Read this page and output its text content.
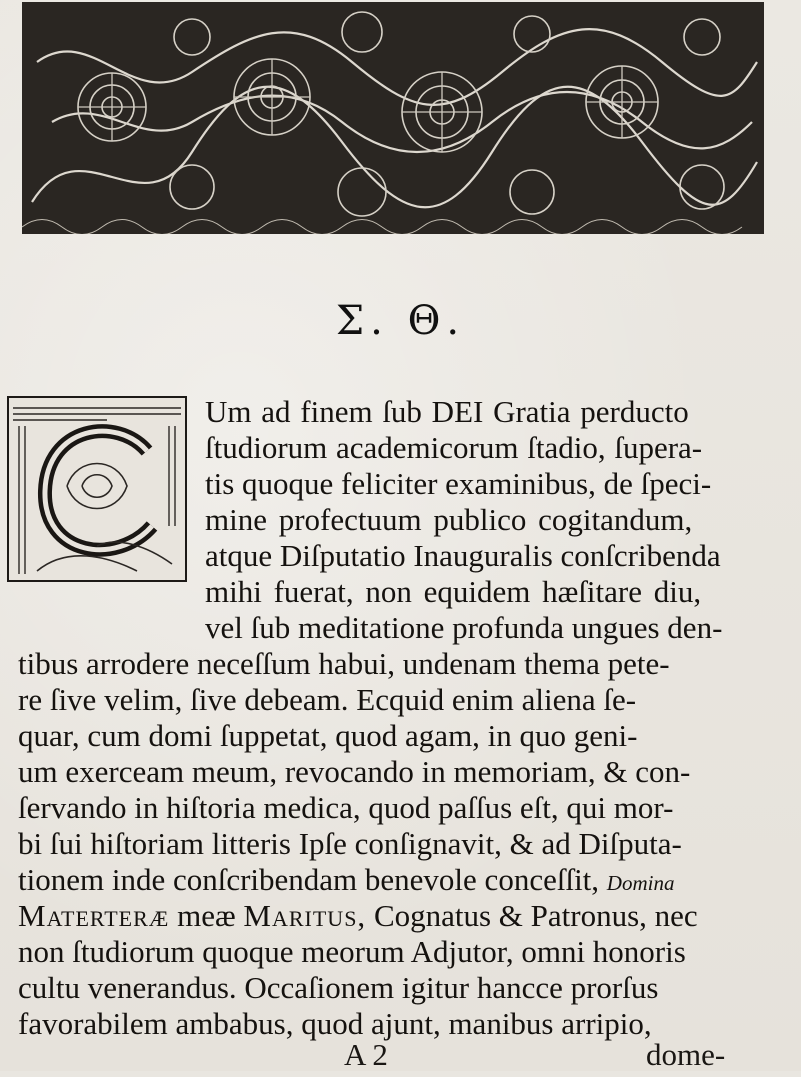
Σ. Θ.
Um ad finem ſub DEI Gratia perducto
ſtudiorum academicorum ſtadio, ſupera-
tis quoque feliciter examinibus, de ſpeci-
mine profectuum publico cogitandum,
atque Diſputatio Inauguralis conſcribenda
mihi fuerat, non equidem hæſitare diu,
vel ſub meditatione profunda ungues den-
tibus arrodere neceſſum habui, undenam thema pete-
re ſive velim, ſive debeam. Ecquid enim aliena ſe-
quar, cum domi ſuppetat, quod agam, in quo geni-
um exerceam meum, revocando in memoriam, & con-
ſervando in hiſtoria medica, quod paſſus eſt, qui mor-
bi ſui hiſtoriam litteris Ipſe conſignavit, & ad Diſputa-
tionem inde conſcribendam benevole conceſſit, Domina
Materteræ meæ Maritus, Cognatus & Patronus, nec
non ſtudiorum quoque meorum Adjutor, omni honoris
cultu venerandus. Occaſionem igitur hancce prorſus
favorabilem ambabus, quod ajunt, manibus arripio,
A 2	dome-
